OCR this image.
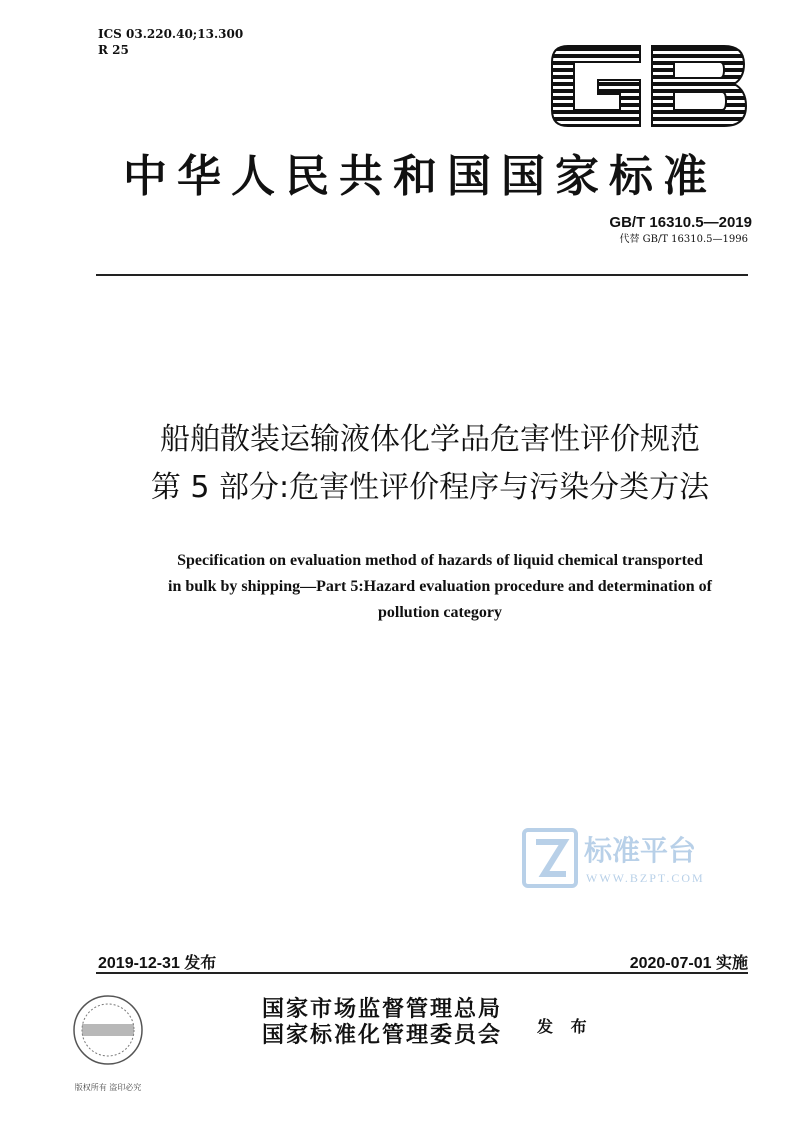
ICS 03.220.40;13.300
R 25
GB
中华人民共和国国家标准
GB/T 16310.5—2019
代替 GB/T 16310.5—1996
船舶散装运输液体化学品危害性评价规范
第 5 部分:危害性评价程序与污染分类方法
Specification on evaluation method of hazards of liquid chemical transported
in bulk by shipping—Part 5:Hazard evaluation procedure and determination of
pollution category
标准平台
WWW.BZPT.COM
2019-12-31 发布	2020-07-01 实施
版权所有 盗印必究
国家市场监督管理总局
国家标准化管理委员会 发 布
